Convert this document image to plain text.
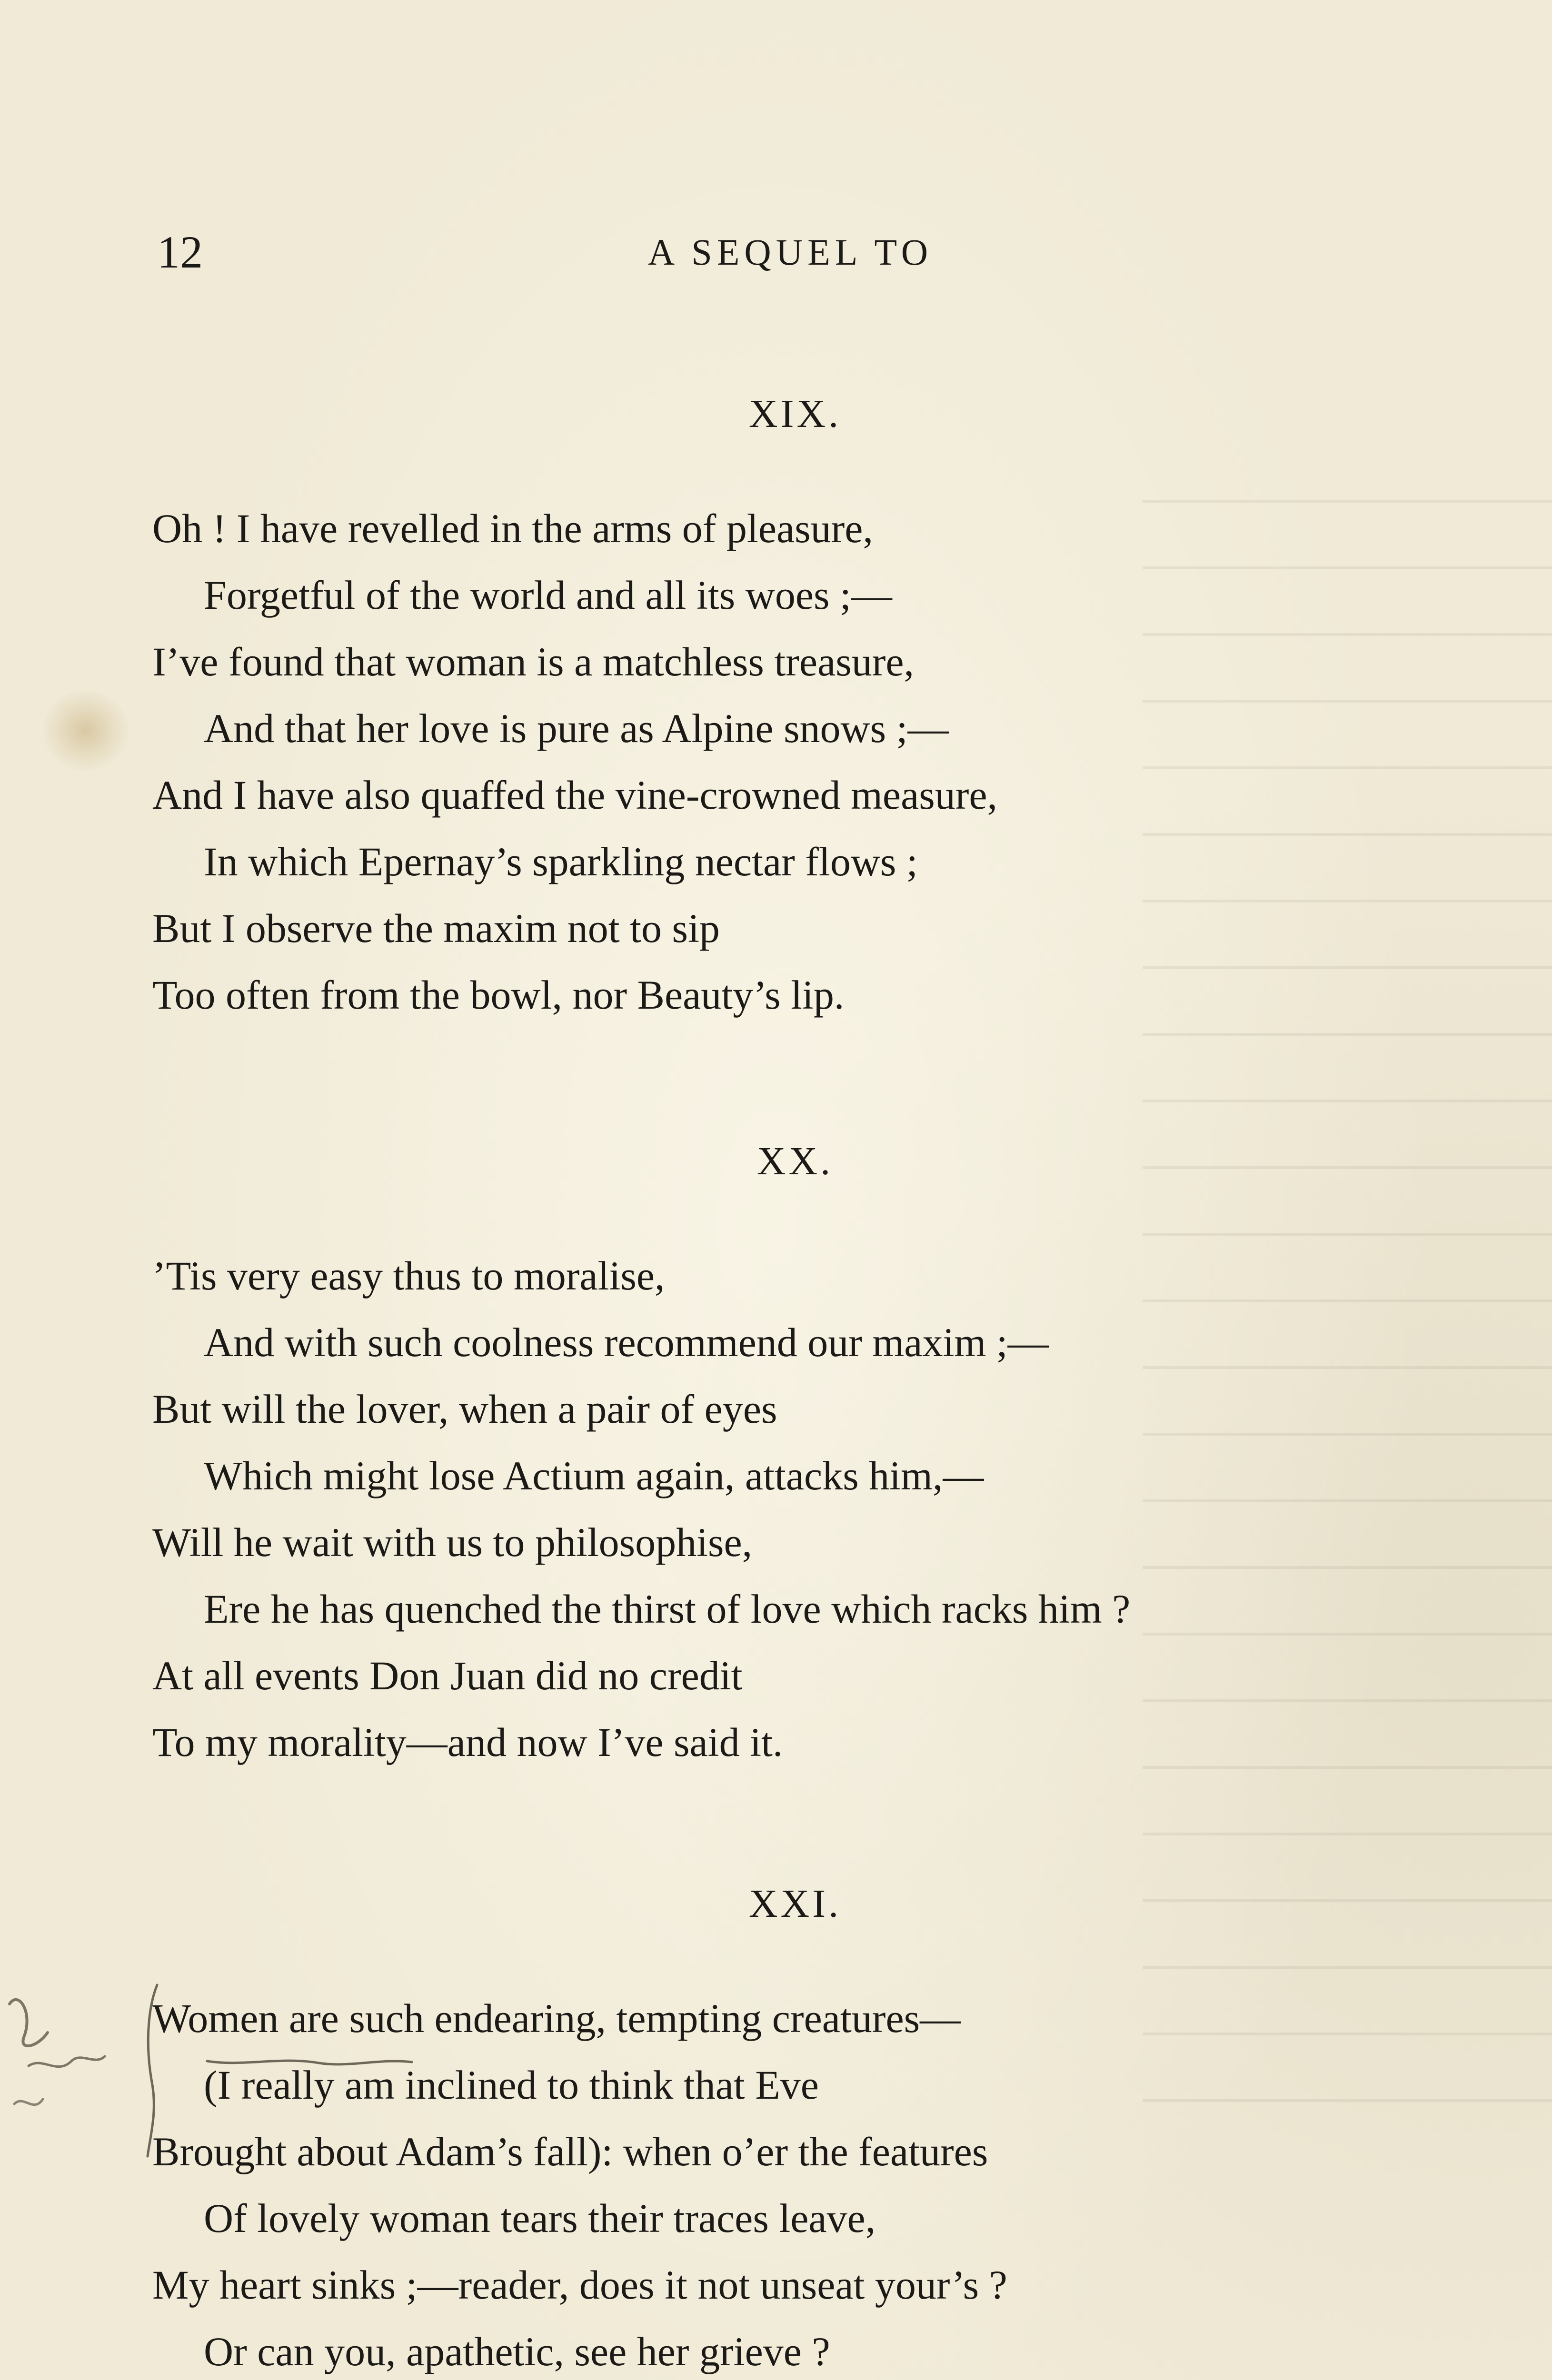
12	A SEQUEL TO
XIX.
Oh ! I have revelled in the arms of pleasure,
Forgetful of the world and all its woes ;—
I’ve found that woman is a matchless treasure,
And that her love is pure as Alpine snows ;—
And I have also quaffed the vine-crowned measure,
In which Epernay’s sparkling nectar flows ;
But I observe the maxim not to sip
Too often from the bowl, nor Beauty’s lip.
XX.
’Tis very easy thus to moralise,
And with such coolness recommend our maxim ;—
But will the lover, when a pair of eyes
Which might lose Actium again, attacks him,—
Will he wait with us to philosophise,
Ere he has quenched the thirst of love which racks him ?
At all events Don Juan did no credit
To my morality—and now I’ve said it.
XXI.
Women are such endearing, tempting creatures—
(I really am inclined to think that Eve
Brought about Adam’s fall): when o’er the features
Of lovely woman tears their traces leave,
My heart sinks ;—reader, does it not unseat your’s ?
Or can you, apathetic, see her grieve ?
